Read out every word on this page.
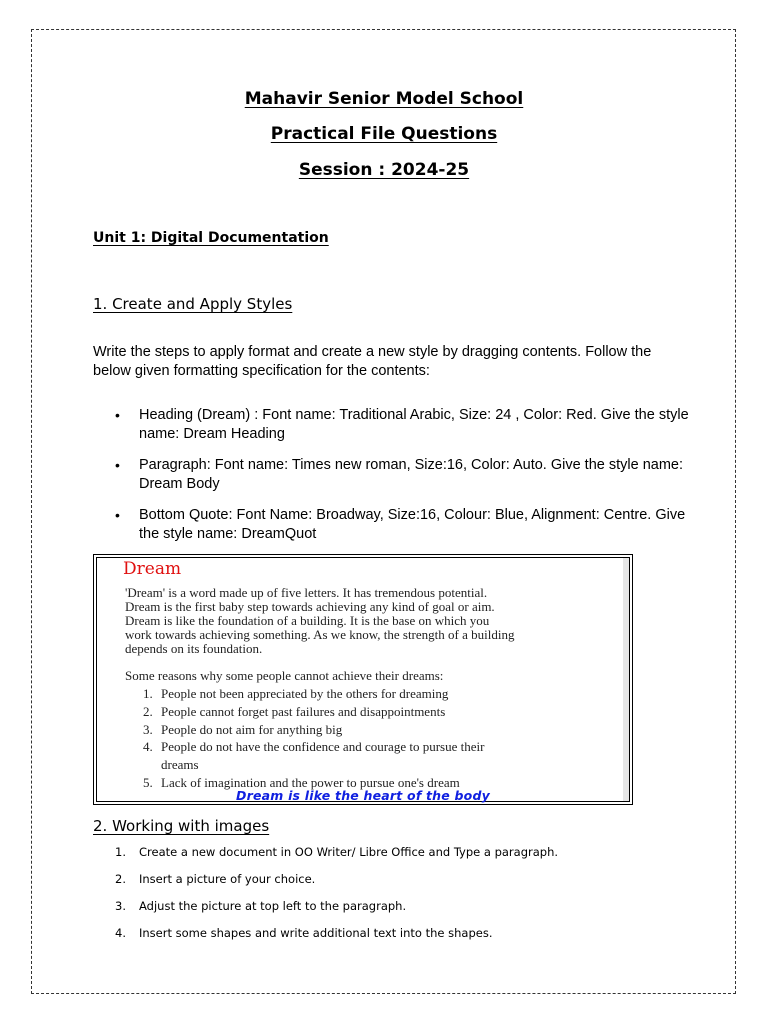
Mahavir Senior Model School
Practical File Questions
Session : 2024-25
Unit 1: Digital Documentation
1. Create and Apply Styles
Write the steps to apply format and create a new style by dragging contents. Follow the below given formatting specification for the contents:
• Heading (Dream) : Font name: Traditional Arabic, Size: 24 , Color: Red. Give the style name: Dream Heading
• Paragraph: Font name: Times new roman, Size:16, Color: Auto. Give the style name: Dream Body
• Bottom Quote: Font Name: Broadway, Size:16, Colour: Blue, Alignment: Centre. Give the style name: DreamQuot
Dream
'Dream' is a word made up of five letters. It has tremendous potential.
Dream is the first baby step towards achieving any kind of goal or aim.
Dream is like the foundation of a building. It is the base on which you
work towards achieving something. As we know, the strength of a building
depends on its foundation.
Some reasons why some people cannot achieve their dreams:
1. People not been appreciated by the others for dreaming
2. People cannot forget past failures and disappointments
3. People do not aim for anything big
4. People do not have the confidence and courage to pursue their
dreams
5. Lack of imagination and the power to pursue one's dream
Dream is like the heart of the body
2. Working with images
1. Create a new document in OO Writer/ Libre Office and Type a paragraph.
2. Insert a picture of your choice.
3. Adjust the picture at top left to the paragraph.
4. Insert some shapes and write additional text into the shapes.
